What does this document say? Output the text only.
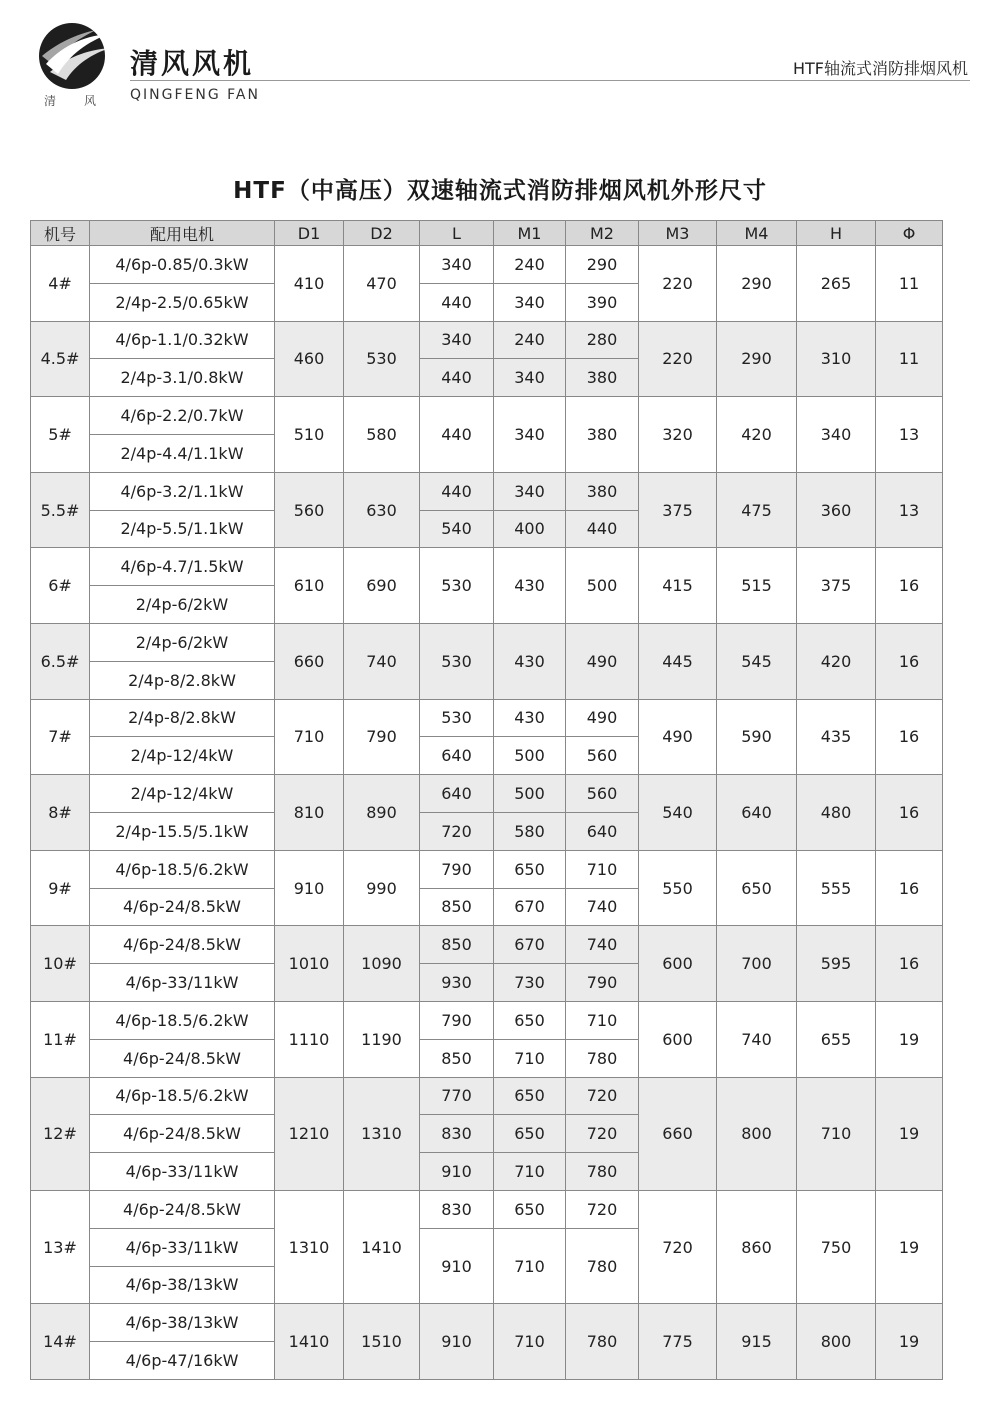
清 风
清风风机
QINGFENG FAN
HTF轴流式消防排烟风机
HTF（中高压）双速轴流式消防排烟风机外形尺寸
机号	配用电机	D1	D2	L	M1	M2	M3	M4	H	Φ
4#	4/6p-0.85/0.3kW	410	470	340	240	290	220	290	265	11
	2/4p-2.5/0.65kW			440	340	390				
4.5#	4/6p-1.1/0.32kW	460	530	340	240	280	220	290	310	11
	2/4p-3.1/0.8kW			440	340	380				
5#	4/6p-2.2/0.7kW	510	580	440	340	380	320	420	340	13
	2/4p-4.4/1.1kW									
5.5#	4/6p-3.2/1.1kW	560	630	440	340	380	375	475	360	13
	2/4p-5.5/1.1kW			540	400	440				
6#	4/6p-4.7/1.5kW	610	690	530	430	500	415	515	375	16
	2/4p-6/2kW									
6.5#	2/4p-6/2kW	660	740	530	430	490	445	545	420	16
	2/4p-8/2.8kW									
7#	2/4p-8/2.8kW	710	790	530	430	490	490	590	435	16
	2/4p-12/4kW			640	500	560				
8#	2/4p-12/4kW	810	890	640	500	560	540	640	480	16
	2/4p-15.5/5.1kW			720	580	640				
9#	4/6p-18.5/6.2kW	910	990	790	650	710	550	650	555	16
	4/6p-24/8.5kW			850	670	740				
10#	4/6p-24/8.5kW	1010	1090	850	670	740	600	700	595	16
	4/6p-33/11kW			930	730	790				
11#	4/6p-18.5/6.2kW	1110	1190	790	650	710	600	740	655	19
	4/6p-24/8.5kW			850	710	780				
12#	4/6p-18.5/6.2kW	1210	1310	770	650	720	660	800	710	19
	4/6p-24/8.5kW			830	650	720				
	4/6p-33/11kW			910	710	780				
13#	4/6p-24/8.5kW	1310	1410	830	650	720	720	860	750	19
	4/6p-33/11kW			910	710	780				
	4/6p-38/13kW									
14#	4/6p-38/13kW	1410	1510	910	710	780	775	915	800	19
	4/6p-47/16kW									
